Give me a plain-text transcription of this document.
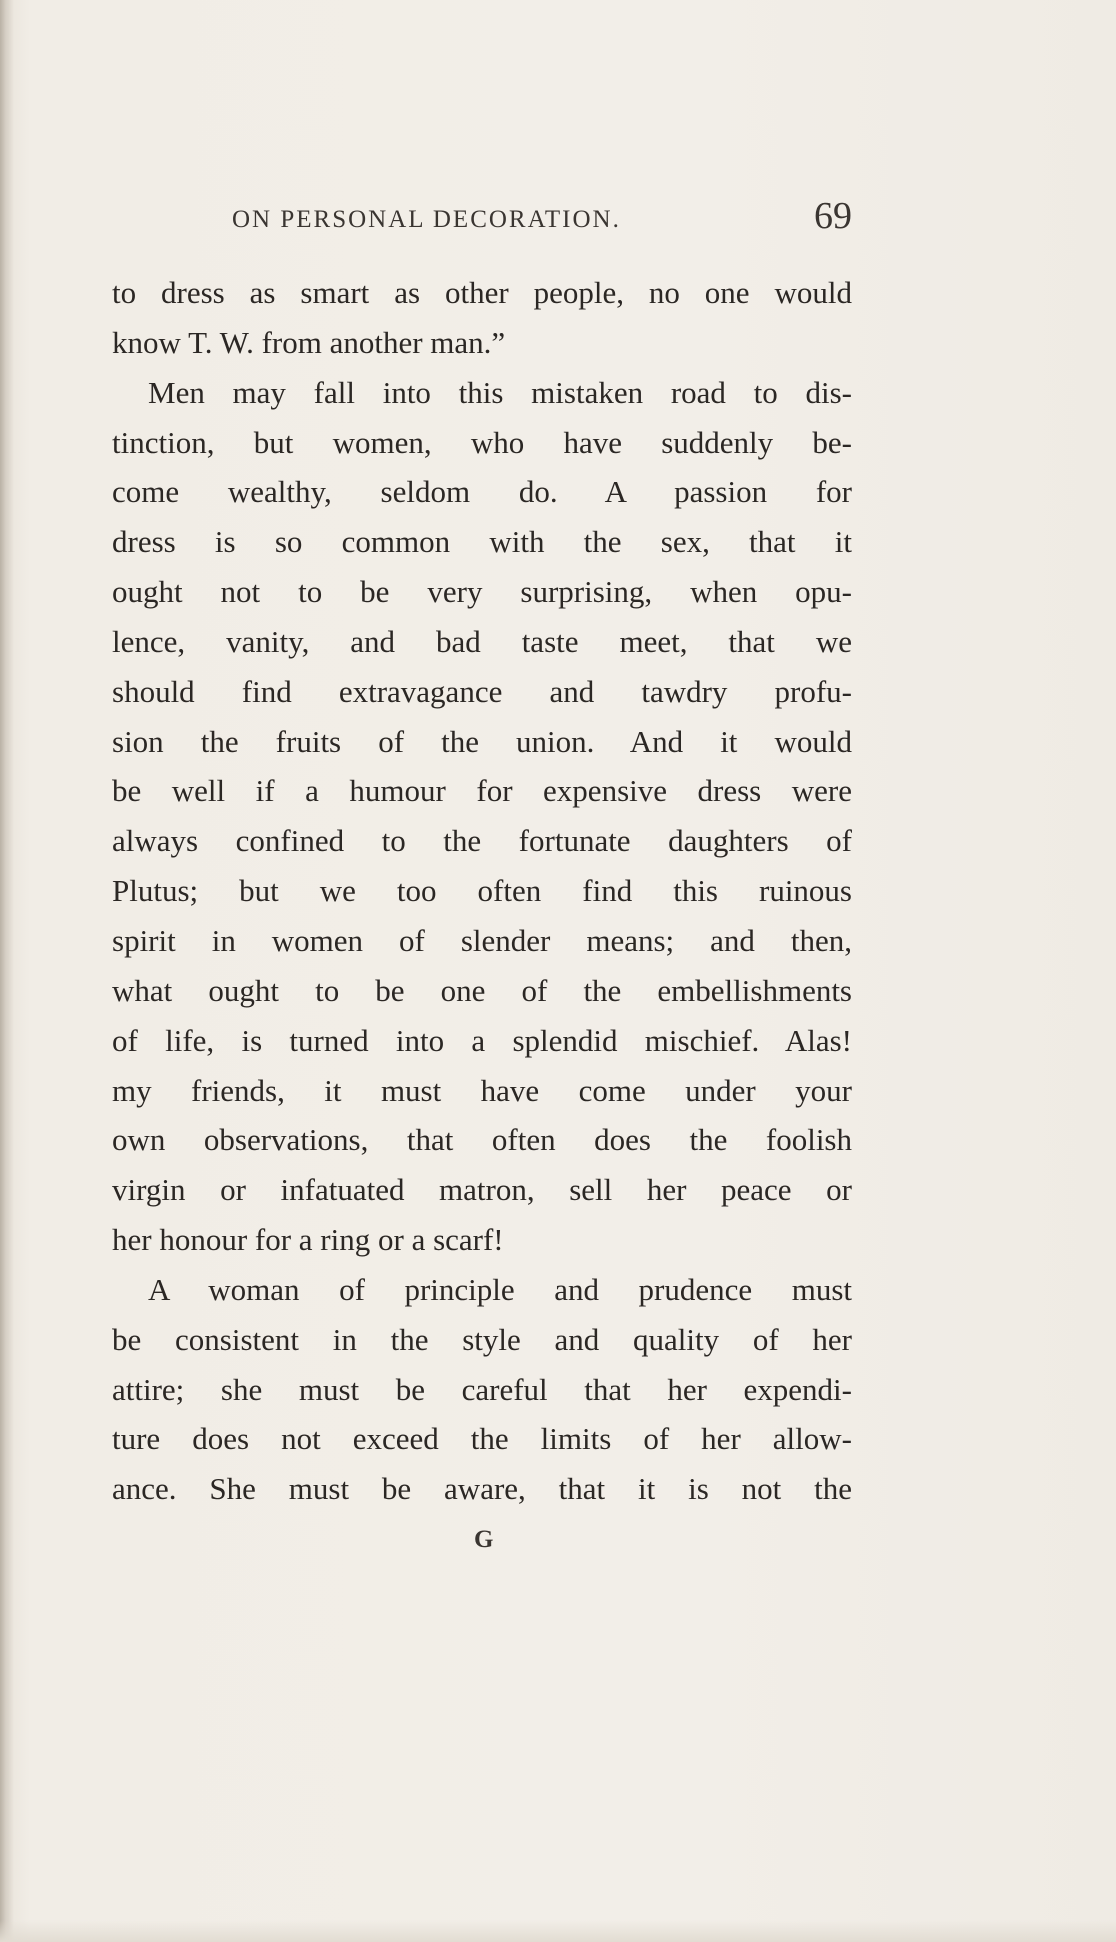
ON PERSONAL DECORATION.	69
to dress as smart as other people, no one would
know T. W. from another man.”
Men may fall into this mistaken road to dis-
tinction, but women, who have suddenly be-
come wealthy, seldom do. A passion for
dress is so common with the sex, that it
ought not to be very surprising, when opu-
lence, vanity, and bad taste meet, that we
should find extravagance and tawdry profu-
sion the fruits of the union. And it would
be well if a humour for expensive dress were
always confined to the fortunate daughters of
Plutus; but we too often find this ruinous
spirit in women of slender means; and then,
what ought to be one of the embellishments
of life, is turned into a splendid mischief. Alas!
my friends, it must have come under your
own observations, that often does the foolish
virgin or infatuated matron, sell her peace or
her honour for a ring or a scarf!
A woman of principle and prudence must
be consistent in the style and quality of her
attire; she must be careful that her expendi-
ture does not exceed the limits of her allow-
ance. She must be aware, that it is not the
G
